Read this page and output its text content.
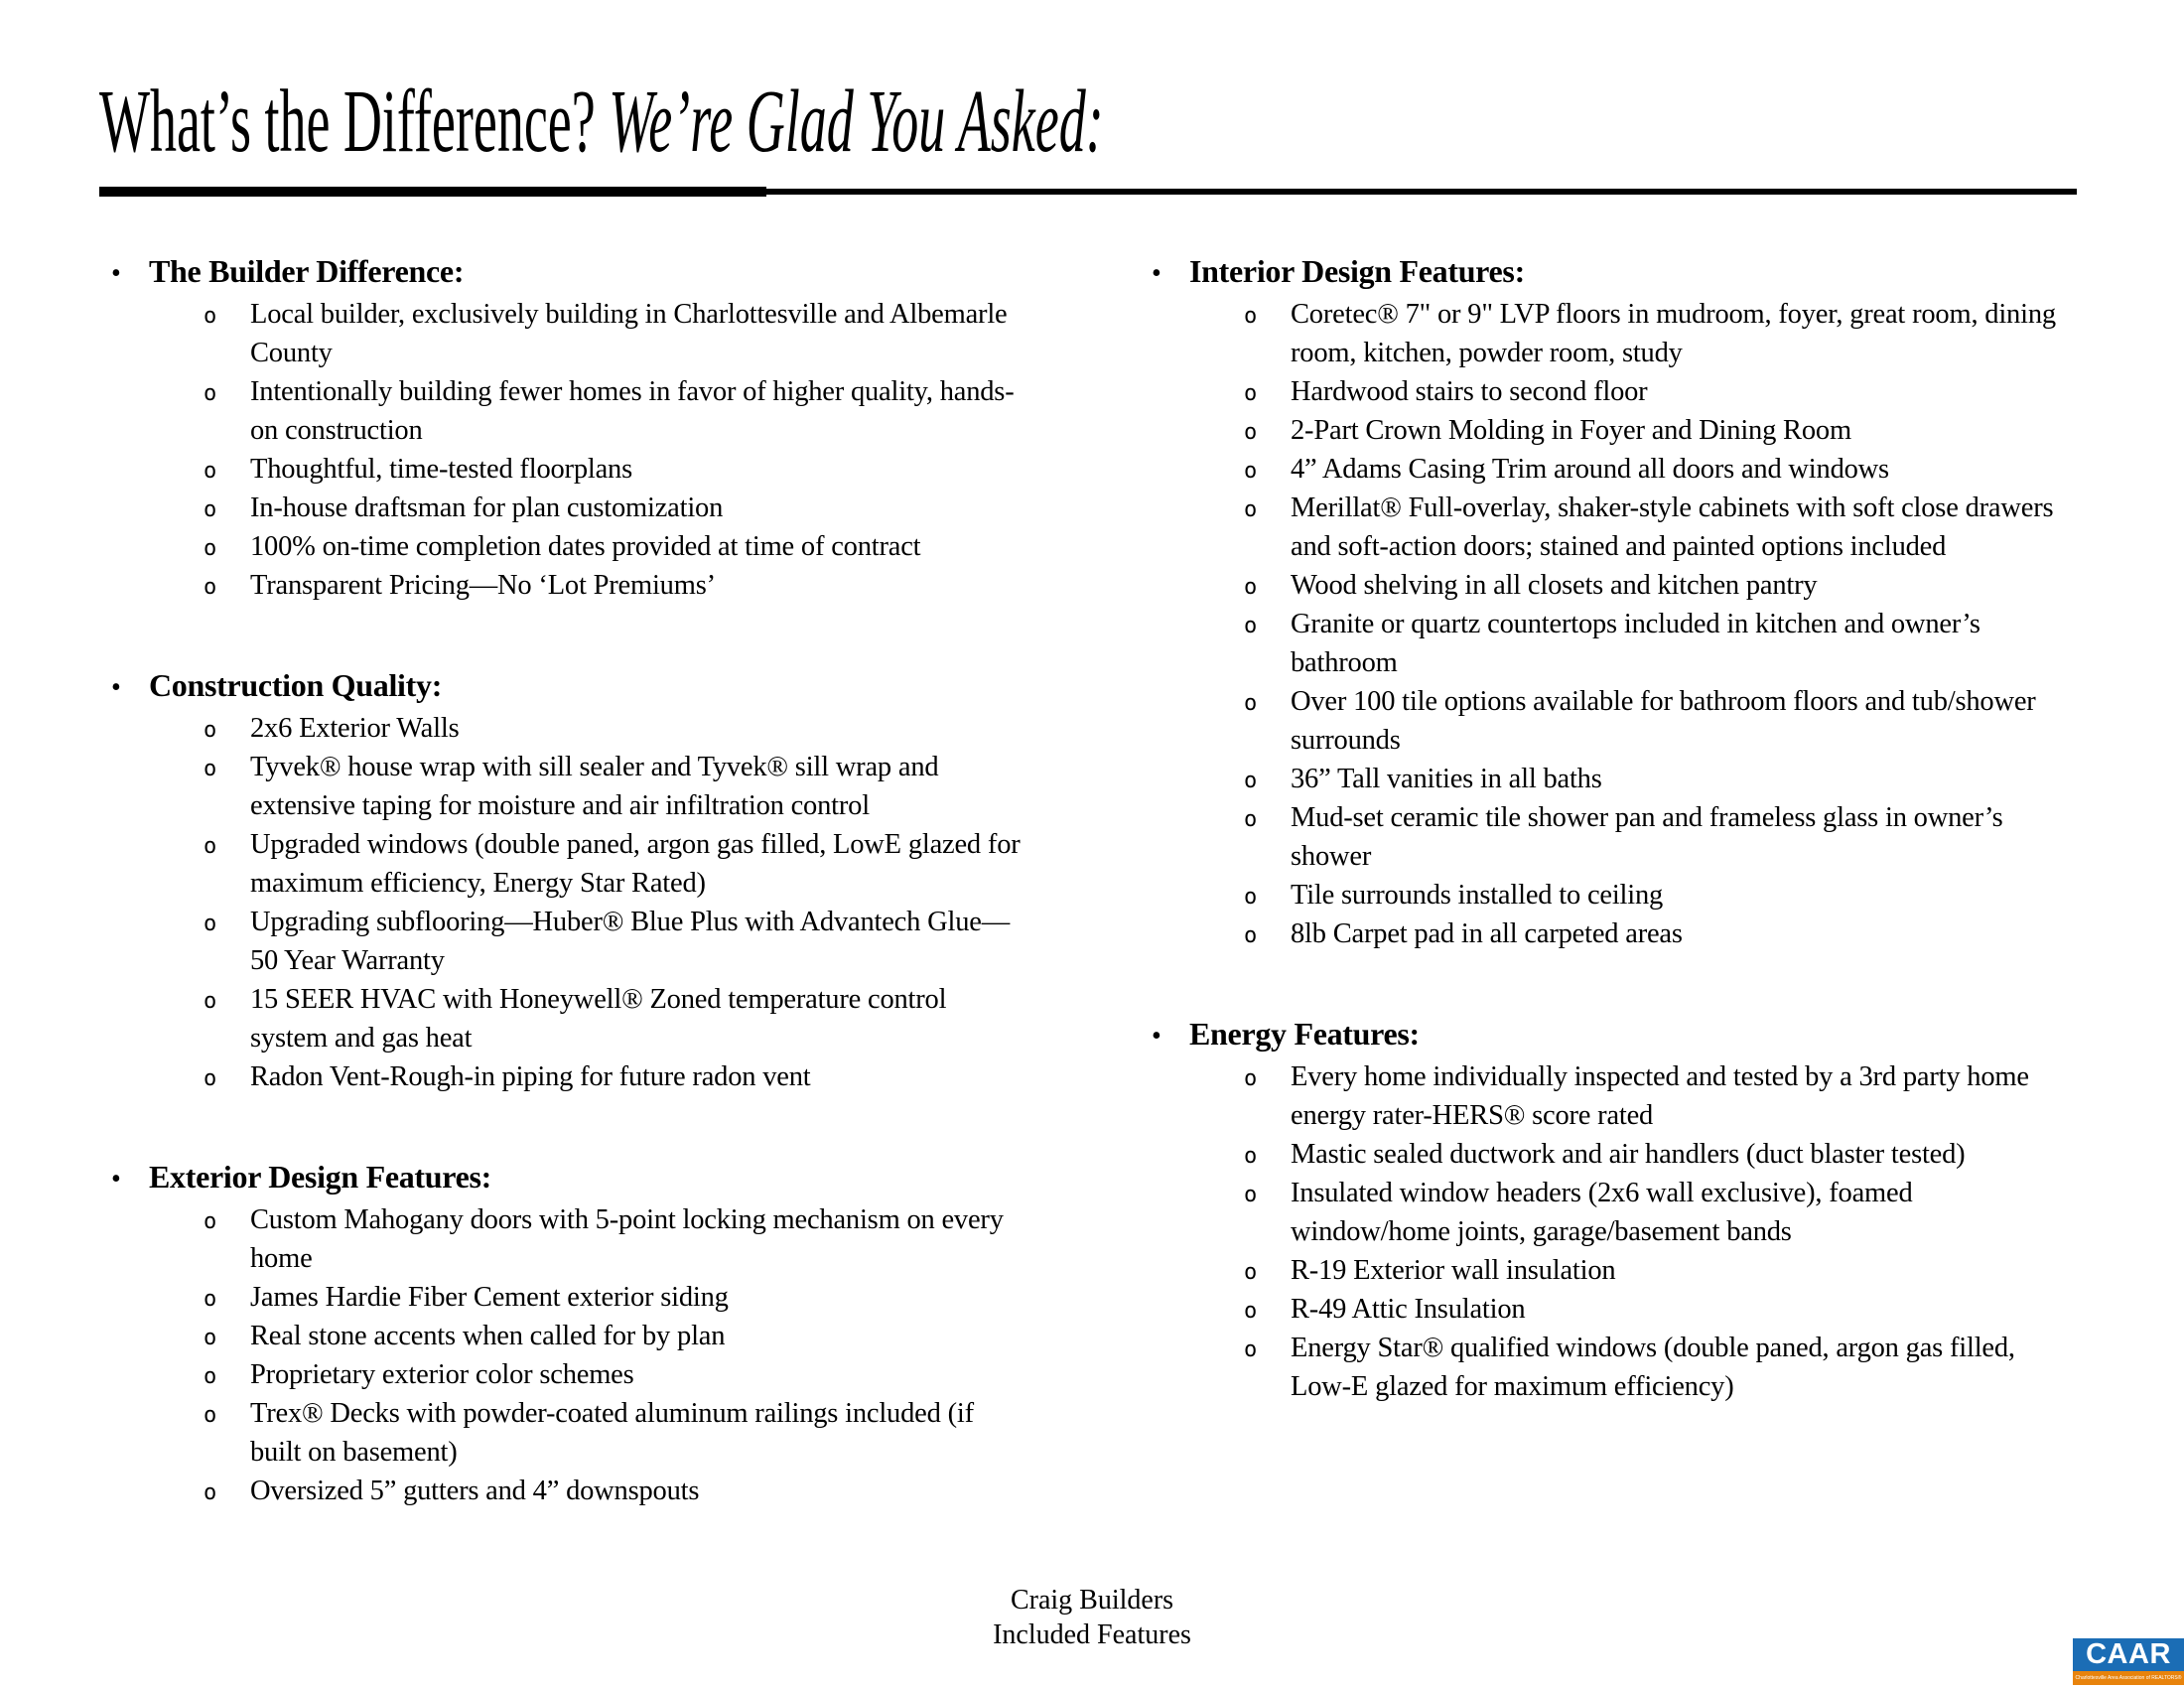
What’s the Difference? We’re Glad You Asked:
• The Builder Difference:
o	Local builder, exclusively building in Charlottesville and Albemarle County
o	Intentionally building fewer homes in favor of higher quality, hands-on construction
o	Thoughtful, time-tested floorplans
o	In-house draftsman for plan customization
o	100% on-time completion dates provided at time of contract
o	Transparent Pricing—No ‘Lot Premiums’
• Construction Quality:
o	2x6 Exterior Walls
o	Tyvek® house wrap with sill sealer and Tyvek® sill wrap and extensive taping for moisture and air infiltration control
o	Upgraded windows (double paned, argon gas filled, LowE glazed for maximum efficiency, Energy Star Rated)
o	Upgrading subflooring—Huber® Blue Plus with Advantech Glue—50 Year Warranty
o	15 SEER HVAC with Honeywell® Zoned temperature control system and gas heat
o	Radon Vent-Rough-in piping for future radon vent
• Exterior Design Features:
o	Custom Mahogany doors with 5-point locking mechanism on every home
o	James Hardie Fiber Cement exterior siding
o	Real stone accents when called for by plan
o	Proprietary exterior color schemes
o	Trex® Decks with powder-coated aluminum railings included (if built on basement)
o	Oversized 5” gutters and 4” downspouts
• Interior Design Features:
o	Coretec® 7" or 9" LVP floors in mudroom, foyer, great room, dining room, kitchen, powder room, study
o	Hardwood stairs to second floor
o	2-Part Crown Molding in Foyer and Dining Room
o	4” Adams Casing Trim around all doors and windows
o	Merillat® Full-overlay, shaker-style cabinets with soft close drawers and soft-action doors; stained and painted options included
o	Wood shelving in all closets and kitchen pantry
o	Granite or quartz countertops included in kitchen and owner’s bathroom
o	Over 100 tile options available for bathroom floors and tub/shower surrounds
o	36” Tall vanities in all baths
o	Mud-set ceramic tile shower pan and frameless glass in owner’s shower
o	Tile surrounds installed to ceiling
o	8lb Carpet pad in all carpeted areas
• Energy Features:
o	Every home individually inspected and tested by a 3rd party home energy rater-HERS® score rated
o	Mastic sealed ductwork and air handlers (duct blaster tested)
o	Insulated window headers (2x6 wall exclusive), foamed window/home joints, garage/basement bands
o	R-19 Exterior wall insulation
o	R-49 Attic Insulation
o	Energy Star® qualified windows (double paned, argon gas filled, Low-E glazed for maximum efficiency)
Craig Builders
Included Features
CAAR
Charlottesville Area Association of REALTORS®
